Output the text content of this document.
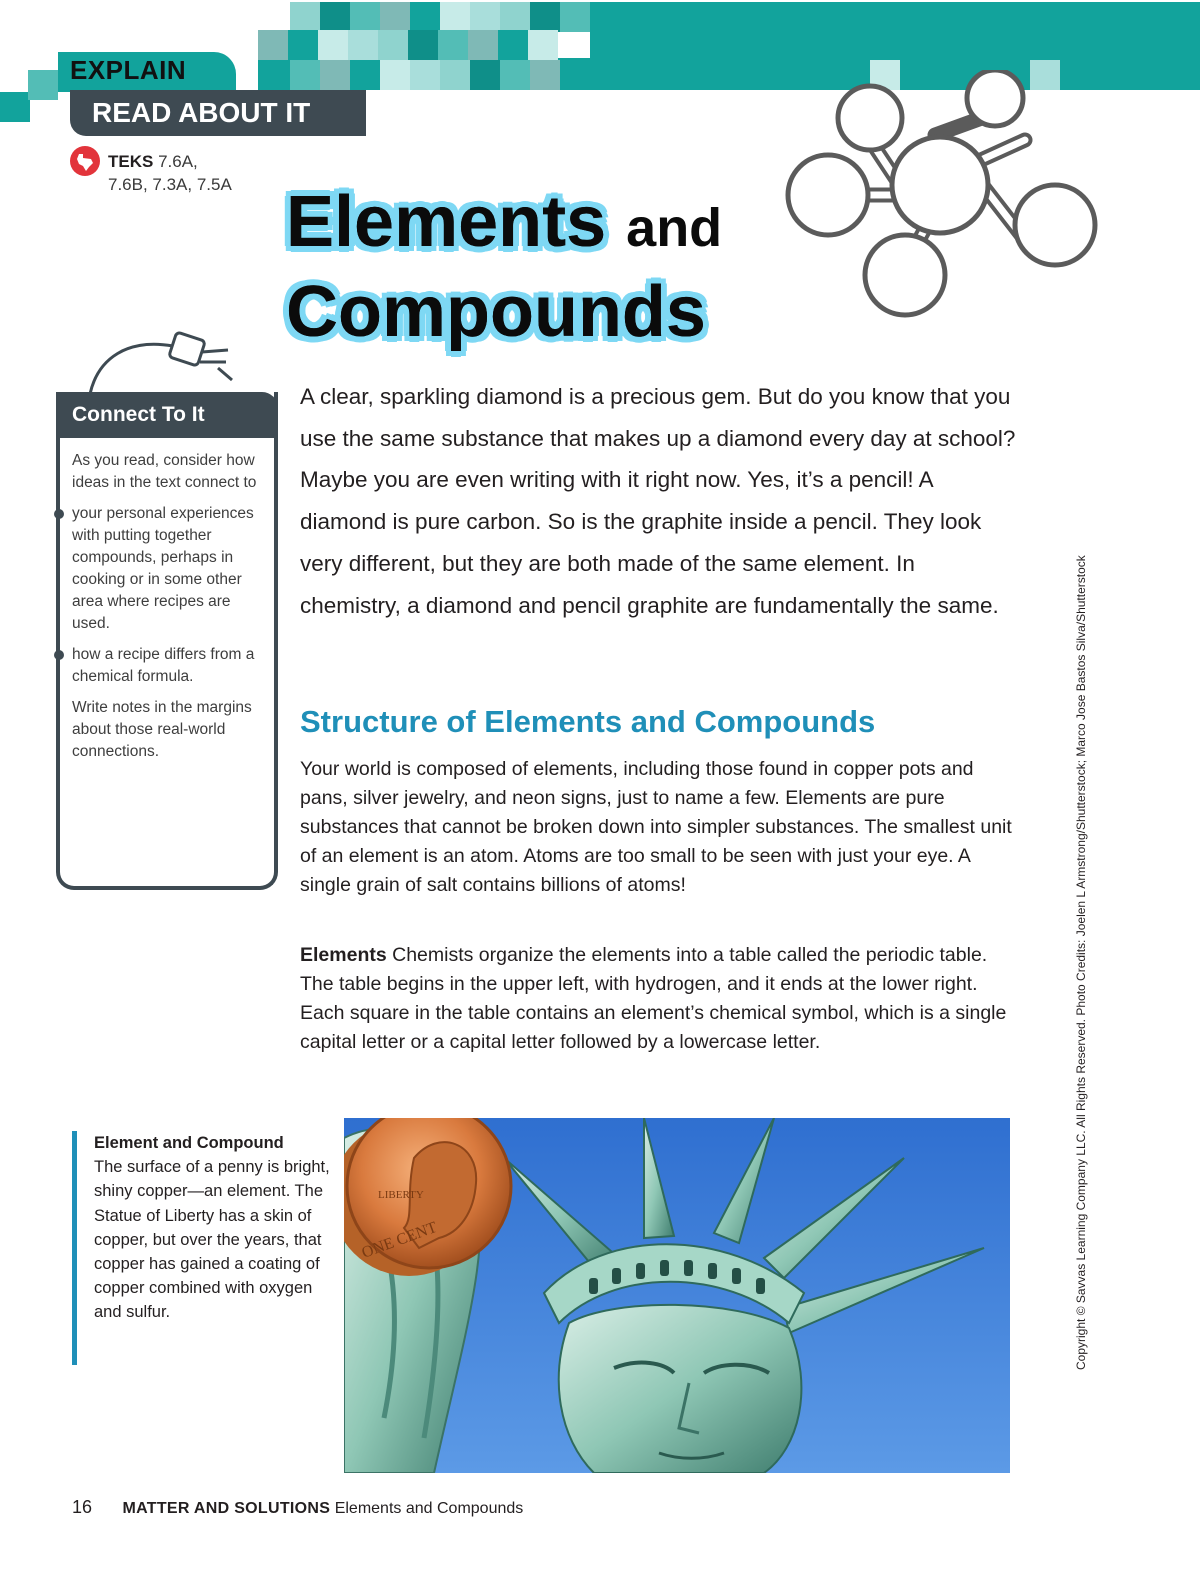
EXPLAIN
READ ABOUT IT
TEKS 7.6A,
7.6B, 7.3A, 7.5A Elements and
Compounds
Connect To It

As you read, consider how ideas in the text connect to

your personal experiences with putting together compounds, perhaps in cooking or in some other area where recipes are used.

how a recipe differs from a chemical formula.

Write notes in the margins about those real-world connections.

A clear, sparkling diamond is a precious gem. But do you know that you use the same substance that makes up a diamond every day at school? Maybe you are even writing with it right now. Yes, it’s a pencil! A diamond is pure carbon. So is the graphite inside a pencil. They look very different, but they are both made of the same element. In chemistry, a diamond and pencil graphite are fundamentally the same.
Structure of Elements and Compounds
Your world is composed of elements, including those found in copper pots and pans, silver jewelry, and neon signs, just to name a few. Elements are pure substances that cannot be broken down into simpler substances. The smallest unit of an element is an atom. Atoms are too small to be seen with just your eye. A single grain of salt contains billions of atoms!
Elements Chemists organize the elements into a table called the periodic table. The table begins in the upper left, with hydrogen, and it ends at the lower right. Each square in the table contains an element’s chemical symbol, which is a single capital letter or a capital letter followed by a lowercase letter.
Element and Compound
The surface of a penny is bright, shiny copper—an element. The Statue of Liberty has a skin of copper, but over the years, that copper has gained a coating of copper combined with oxygen and sulfur.
LIBERTY
ONE CENT	Copyright © Savvas Learning Company LLC. All Rights Reserved. Photo Credits: Joelen L Armstrong/Shutterstock; Marco Jose Bastos Silva/Shutterstock
16 MATTER AND SOLUTIONS Elements and Compounds
